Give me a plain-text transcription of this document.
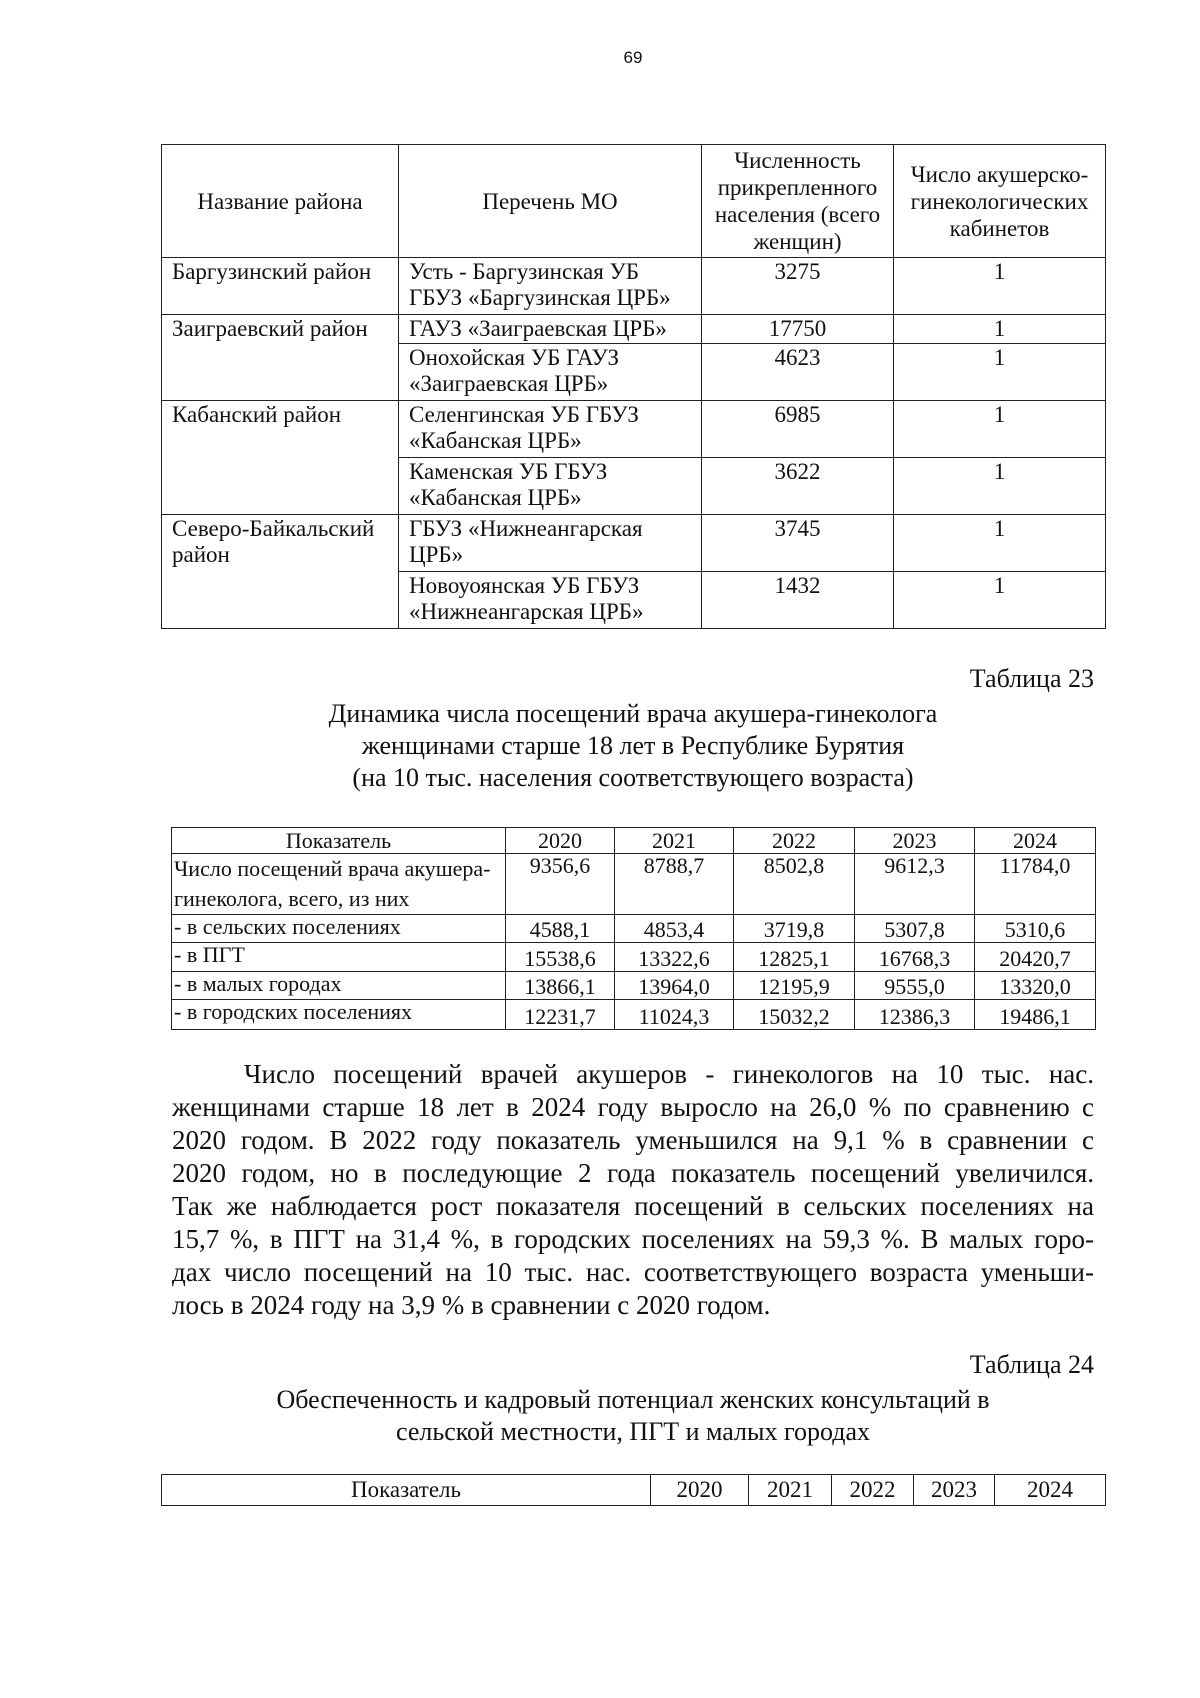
69
Название района	Перечень МО	Численность прикрепленного населения (всего женщин)	Число акушерско-гинекологических кабинетов
Баргузинский район	Усть - Баргузинская УБ ГБУЗ «Баргузинская ЦРБ»	3275	1
Заиграевский район	ГАУЗ «Заиграевская ЦРБ»	17750	1
	Онохойская УБ ГАУЗ «Заиграевская ЦРБ»	4623	1
Кабанский район	Селенгинская УБ ГБУЗ «Кабанская ЦРБ»	6985	1
	Каменская УБ ГБУЗ «Кабанская ЦРБ»	3622	1
Северо-Байкальский район	ГБУЗ «Нижнеангарская ЦРБ»	3745	1
	Новоуоянская УБ ГБУЗ «Нижнеангарская ЦРБ»	1432	1
Таблица 23
Динамика числа посещений врача акушера-гинеколога
женщинами старше 18 лет в Республике Бурятия
(на 10 тыс. населения соответствующего возраста)
Показатель	2020	2021	2022	2023	2024
Число посещений врача акушера-гинеколога, всего, из них	9356,6	8788,7	8502,8	9612,3	11784,0
- в сельских поселениях	4588,1	4853,4	3719,8	5307,8	5310,6
- в ПГТ	15538,6	13322,6	12825,1	16768,3	20420,7
- в малых городах	13866,1	13964,0	12195,9	9555,0	13320,0
- в городских поселениях	12231,7	11024,3	15032,2	12386,3	19486,1
Число посещений врачей акушеров - гинекологов на 10 тыс. нас.
женщинами старше 18 лет в 2024 году выросло на 26,0 % по сравнению с
2020 годом. В 2022 году показатель уменьшился на 9,1 % в сравнении с
2020 годом, но в последующие 2 года показатель посещений увеличился.
Так же наблюдается рост показателя посещений в сельских поселениях на
15,7 %, в ПГТ на 31,4 %, в городских поселениях на 59,3 %. В малых горо-
дах число посещений на 10 тыс. нас. соответствующего возраста уменьши-
лось в 2024 году на 3,9 % в сравнении с 2020 годом.
Таблица 24
Обеспеченность и кадровый потенциал женских консультаций в
сельской местности, ПГТ и малых городах
Показатель	2020	2021	2022	2023	2024
